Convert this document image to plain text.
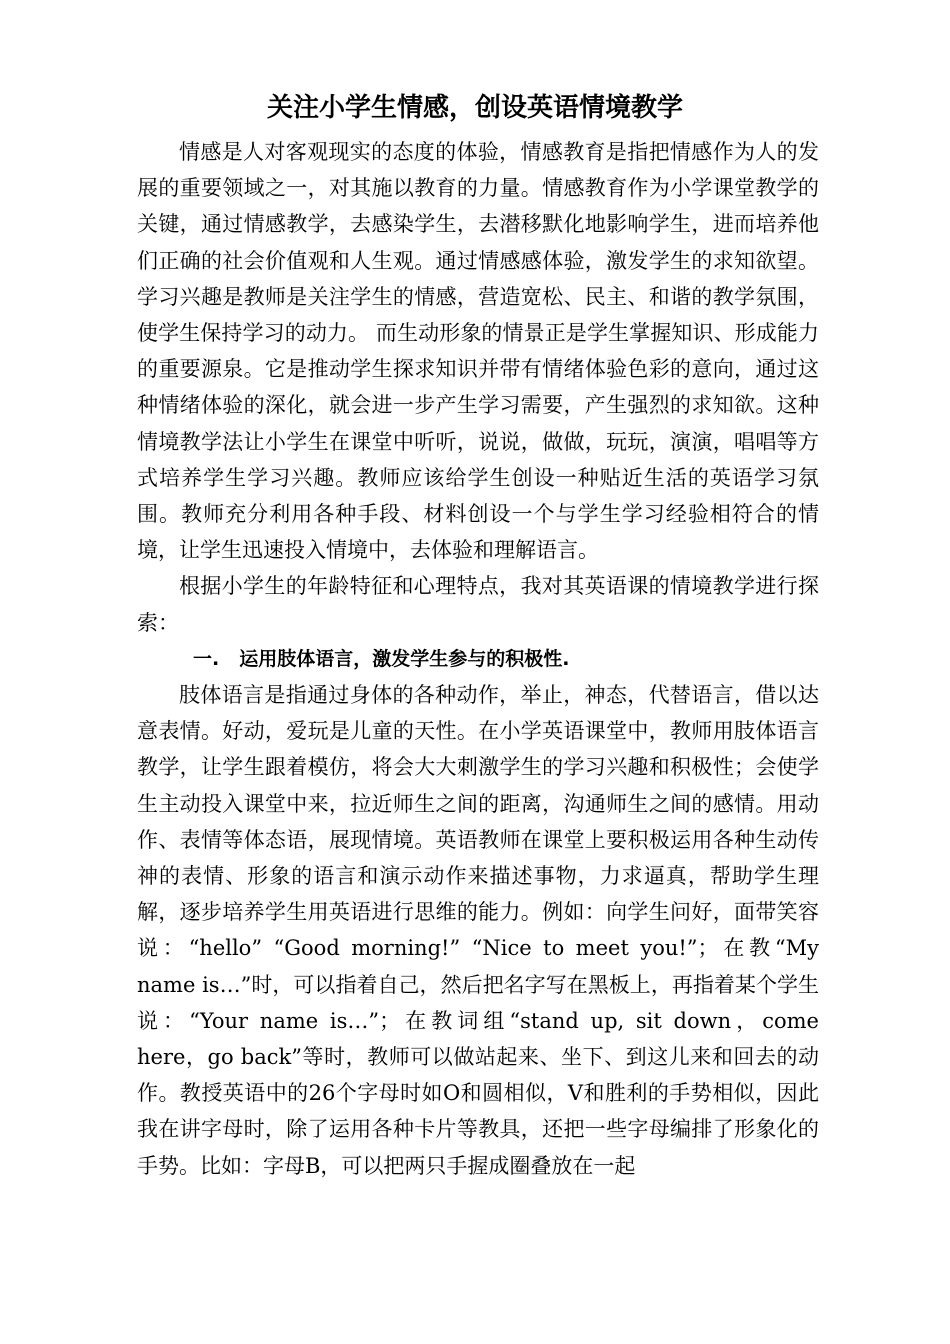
关注小学生情感，创设英语情境教学

情感是人对客观现实的态度的体验，情感教育是指把情感作为人的发展的重要领域之一，对其施以教育的力量。情感教育作为小学课堂教学的关键，通过情感教学，去感染学生，去潜移默化地影响学生，进而培养他们正确的社会价值观和人生观。通过情感感体验，激发学生的求知欲望。学习兴趣是教师是关注学生的情感，营造宽松、民主、和谐的教学氛围，使学生保持学习的动力。 而生动形象的情景正是学生掌握知识、形成能力的重要源泉。它是推动学生探求知识并带有情绪体验色彩的意向，通过这种情绪体验的深化，就会进一步产生学习需要，产生强烈的求知欲。这种情境教学法让小学生在课堂中听听，说说，做做，玩玩，演演，唱唱等方式培养学生学习兴趣。教师应该给学生创设一种贴近生活的英语学习氛围。教师充分利用各种手段、材料创设一个与学生学习经验相符合的情境，让学生迅速投入情境中，去体验和理解语言。

根据小学生的年龄特征和心理特点，我对其英语课的情境教学进行探索：

一. 运用肢体语言，激发学生参与的积极性.

肢体语言是指通过身体的各种动作，举止，神态，代替语言，借以达意表情。好动，爱玩是儿童的天性。在小学英语课堂中，教师用肢体语言教学，让学生跟着模仿，将会大大刺激学生的学习兴趣和积极性；会使学生主动投入课堂中来，拉近师生之间的距离，沟通师生之间的感情。用动作、表情等体态语，展现情境。英语教师在课堂上要积极运用各种生动传神的表情、形象的语言和演示动作来描述事物，力求逼真，帮助学生理解，逐步培养学生用英语进行思维的能力。例如：向学生问好，面带笑容说：“hello” “Good morning!” “Nice to meet you!”；在教“My name is…”时，可以指着自己，然后把名字写在黑板上，再指着某个学生说：“Your name is…”；在教词组“stand up, sit down，come here，go back”等时，教师可以做站起来、坐下、到这儿来和回去的动作。教授英语中的26个字母时如O和圆相似，V和胜利的手势相似，因此我在讲字母时，除了运用各种卡片等教具，还把一些字母编排了形象化的手势。比如：字母B，可以把两只手握成圈叠放在一起
